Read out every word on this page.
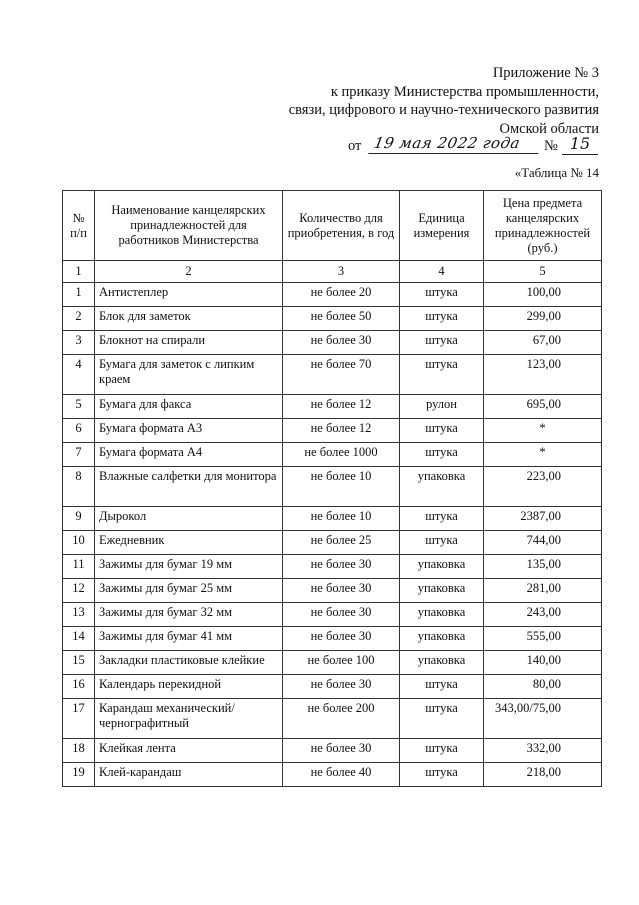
Приложение № 3
к приказу Министерства промышленности,
связи, цифрового и научно-технического развития
Омской области
от 19 мая 2022 года	№ 15
«Таблица № 14
№ п/п	Наименование канцелярских принадлежностей для работников Министерства	Количество для приобретения, в год	Единица измерения	Цена предмета канцелярских принадлежностей (руб.)
1	2	3	4	5
1	Антистеплер	не более 20	штука	100,00
2	Блок для заметок	не более 50	штука	299,00
3	Блокнот на спирали	не более 30	штука	67,00
4	Бумага для заметок с липким краем	не более 70	штука	123,00
5	Бумага для факса	не более 12	рулон	695,00
6	Бумага формата А3	не более 12	штука	*
7	Бумага формата А4	не более 1000	штука	*
8	Влажные салфетки для монитора	не более 10	упаковка	223,00
9	Дырокол	не более 10	штука	2387,00
10	Ежедневник	не более 25	штука	744,00
11	Зажимы для бумаг 19 мм	не более 30	упаковка	135,00
12	Зажимы для бумаг 25 мм	не более 30	упаковка	281,00
13	Зажимы для бумаг 32 мм	не более 30	упаковка	243,00
14	Зажимы для бумаг 41 мм	не более 30	упаковка	555,00
15	Закладки пластиковые клейкие	не более 100	упаковка	140,00
16	Календарь перекидной	не более 30	штука	80,00
17	Карандаш механический/чернографитный	не более 200	штука	343,00/75,00
18	Клейкая лента	не более 30	штука	332,00
19	Клей-карандаш	не более 40	штука	218,00
